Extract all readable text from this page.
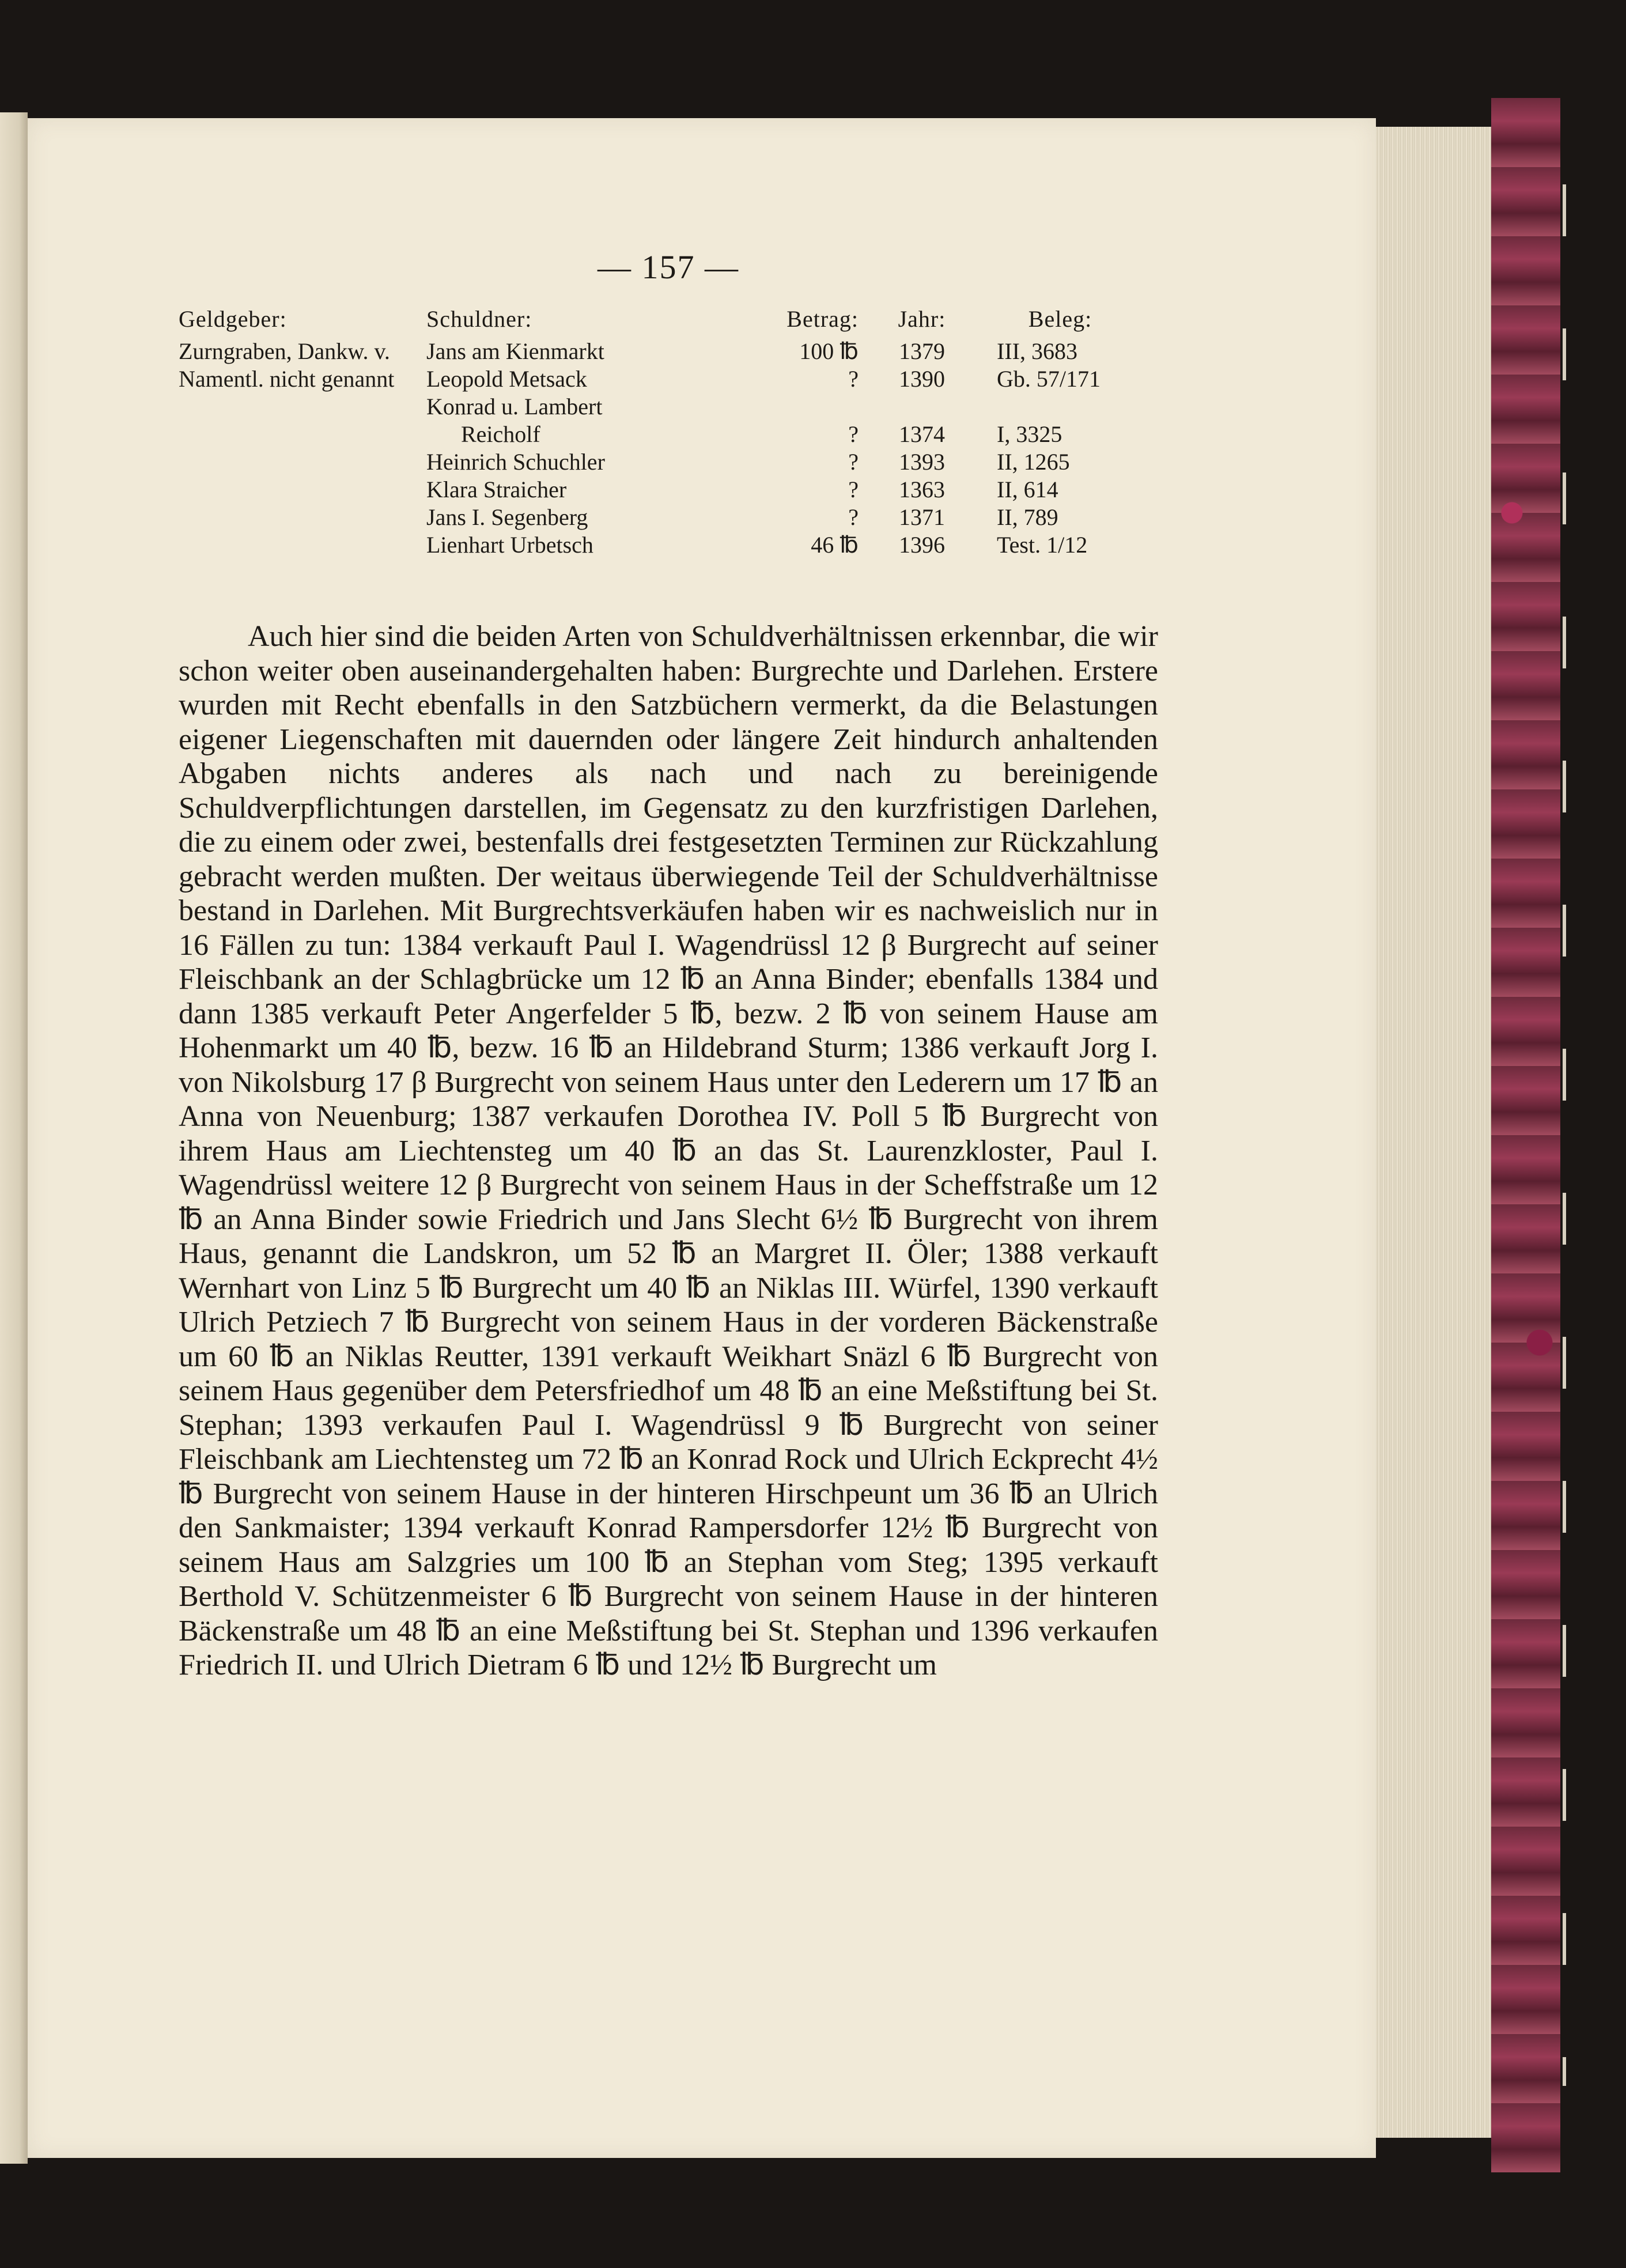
— 157 —
Geldgeber:	Schuldner:	Betrag:	Jahr:	Beleg:
Zurngraben, Dankw. v.	Jans am Kienmarkt	100 ℔	1379	III, 3683
Namentl. nicht genannt	Leopold Metsack	?	1390	Gb. 57/171
	Konrad u. Lambert			
	Reicholf	?	1374	I, 3325
	Heinrich Schuchler	?	1393	II, 1265
	Klara Straicher	?	1363	II, 614
	Jans I. Segenberg	?	1371	II, 789
	Lienhart Urbetsch	46 ℔	1396	Test. 1/12

Auch hier sind die beiden Arten von Schuldverhältnissen erkennbar, die wir schon weiter oben auseinandergehalten haben: Burgrechte und Darlehen. Erstere wurden mit Recht ebenfalls in den Satzbüchern vermerkt, da die Belastungen eigener Liegenschaften mit dauernden oder längere Zeit hindurch anhaltenden Abgaben nichts anderes als nach und nach zu bereinigende Schuldverpflichtungen darstellen, im Gegensatz zu den kurzfristigen Darlehen, die zu einem oder zwei, bestenfalls drei festgesetzten Terminen zur Rückzahlung gebracht werden mußten. Der weitaus überwiegende Teil der Schuldverhältnisse bestand in Darlehen. Mit Burgrechtsverkäufen haben wir es nachweislich nur in 16 Fällen zu tun: 1384 verkauft Paul I. Wagendrüssl 12 β Burgrecht auf seiner Fleischbank an der Schlagbrücke um 12 ℔ an Anna Binder; ebenfalls 1384 und dann 1385 verkauft Peter Angerfelder 5 ℔, bezw. 2 ℔ von seinem Hause am Hohenmarkt um 40 ℔, bezw. 16 ℔ an Hildebrand Sturm; 1386 verkauft Jorg I. von Nikolsburg 17 β Burgrecht von seinem Haus unter den Lederern um 17 ℔ an Anna von Neuenburg; 1387 verkaufen Dorothea IV. Poll 5 ℔ Burgrecht von ihrem Haus am Liechtensteg um 40 ℔ an das St. Laurenzkloster, Paul I. Wagendrüssl weitere 12 β Burgrecht von seinem Haus in der Scheffstraße um 12 ℔ an Anna Binder sowie Friedrich und Jans Slecht 6½ ℔ Burgrecht von ihrem Haus, genannt die Landskron, um 52 ℔ an Margret II. Öler; 1388 verkauft Wernhart von Linz 5 ℔ Burgrecht um 40 ℔ an Niklas III. Würfel, 1390 verkauft Ulrich Petziech 7 ℔ Burgrecht von seinem Haus in der vorderen Bäckenstraße um 60 ℔ an Niklas Reutter, 1391 verkauft Weikhart Snäzl 6 ℔ Burgrecht von seinem Haus gegenüber dem Petersfriedhof um 48 ℔ an eine Meßstiftung bei St. Stephan; 1393 verkaufen Paul I. Wagendrüssl 9 ℔ Burgrecht von seiner Fleischbank am Liechtensteg um 72 ℔ an Konrad Rock und Ulrich Eckprecht 4½ ℔ Burgrecht von seinem Hause in der hinteren Hirschpeunt um 36 ℔ an Ulrich den Sankmaister; 1394 verkauft Konrad Rampersdorfer 12½ ℔ Burgrecht von seinem Haus am Salzgries um 100 ℔ an Stephan vom Steg; 1395 verkauft Berthold V. Schützenmeister 6 ℔ Burgrecht von seinem Hause in der hinteren Bäckenstraße um 48 ℔ an eine Meßstiftung bei St. Stephan und 1396 verkaufen Friedrich II. und Ulrich Dietram 6 ℔ und 12½ ℔ Burgrecht um
